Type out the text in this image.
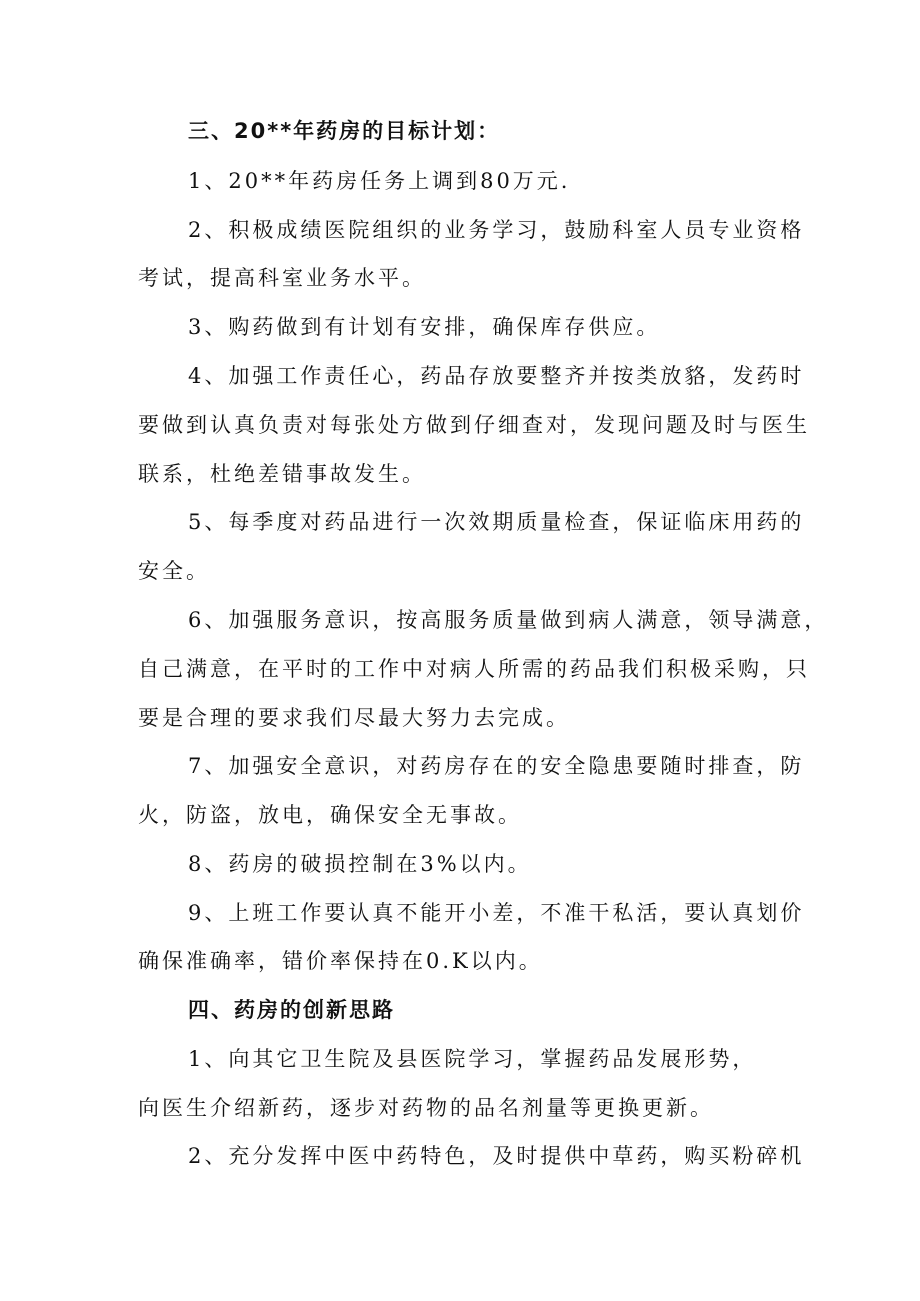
三、20**年药房的目标计划：
1、20**年药房任务上调到80万元.
2、积极成绩医院组织的业务学习，鼓励科室人员专业资格
考试，提高科室业务水平。
3、购药做到有计划有安排，确保库存供应。
4、加强工作责任心，药品存放要整齐并按类放貉，发药时
要做到认真负责对每张处方做到仔细查对，发现问题及时与医生
联系，杜绝差错事故发生。
5、每季度对药品进行一次效期质量检查，保证临床用药的
安全。
6、加强服务意识，按高服务质量做到病人满意，领导满意，
自己满意，在平时的工作中对病人所需的药品我们积极采购，只
要是合理的要求我们尽最大努力去完成。
7、加强安全意识，对药房存在的安全隐患要随时排查，防
火，防盗，放电，确保安全无事故。
8、药房的破损控制在3%以内。
9、上班工作要认真不能开小差，不准干私活，要认真划价
确保准确率，错价率保持在0.K以内。
四、药房的创新思路
1、向其它卫生院及县医院学习，掌握药品发展形势，
向医生介绍新药，逐步对药物的品名剂量等更换更新。
2、充分发挥中医中药特色，及时提供中草药，购买粉碎机
